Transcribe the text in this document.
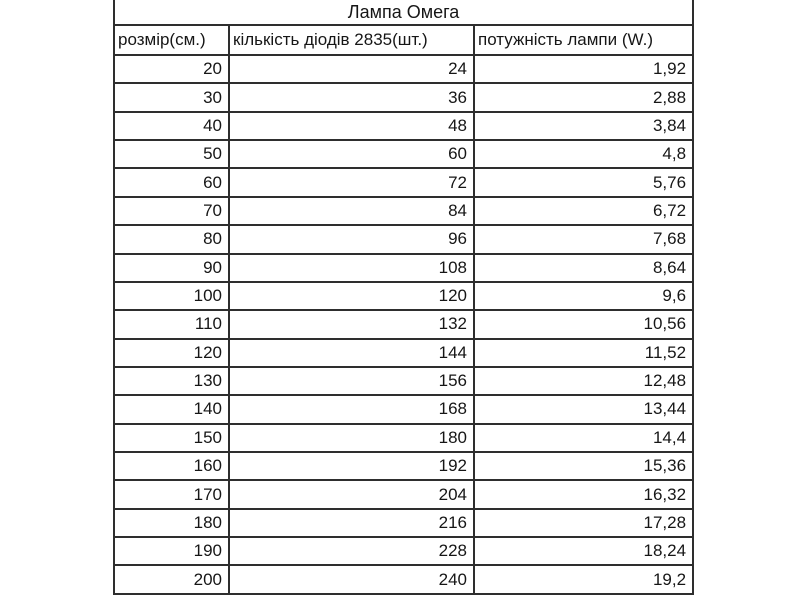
Лампа Омега		
розмір(см.)	кількість діодів 2835(шт.)	потужність лампи (W.)
20	24	1,92
30	36	2,88
40	48	3,84
50	60	4,8
60	72	5,76
70	84	6,72
80	96	7,68
90	108	8,64
100	120	9,6
110	132	10,56
120	144	11,52
130	156	12,48
140	168	13,44
150	180	14,4
160	192	15,36
170	204	16,32
180	216	17,28
190	228	18,24
200	240	19,2
